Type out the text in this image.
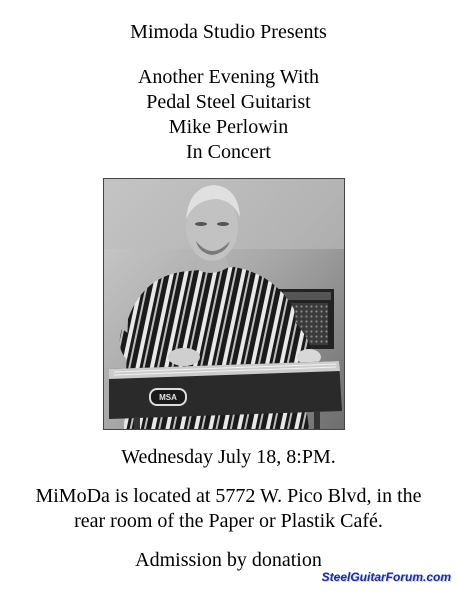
Mimoda Studio Presents
Another Evening With
Pedal Steel Guitarist
Mike Perlowin
In Concert
MSA
Wednesday July 18, 8:PM.
MiMoDa is located at 5772 W. Pico Blvd, in the
rear room of the Paper or Plastik Café.
Admission by donation
SteelGuitarForum.com
